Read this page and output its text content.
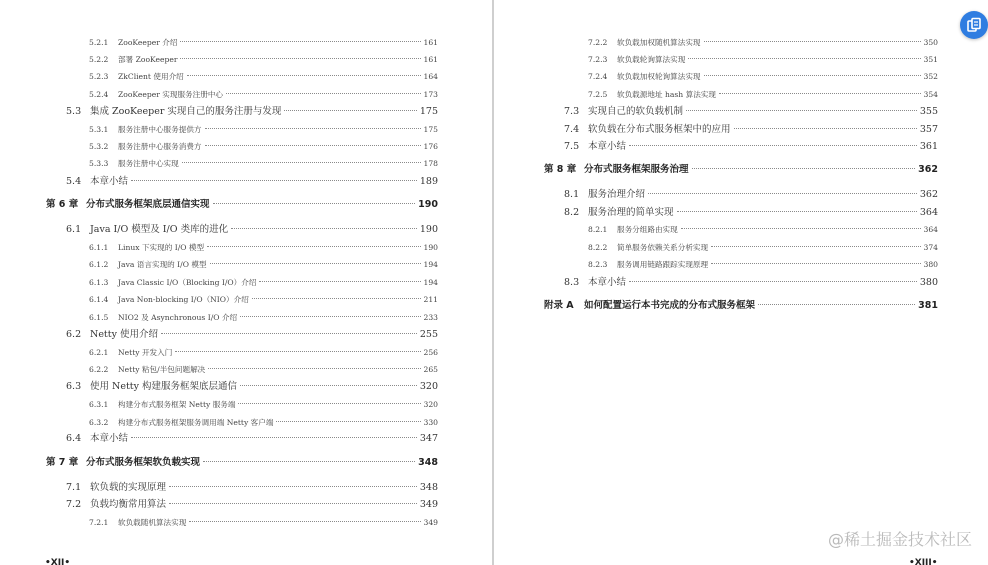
5.2.1	ZooKeeper 介绍	161
5.2.2	部署 ZooKeeper	161
5.2.3	ZkClient 使用介绍	164
5.2.4	ZooKeeper 实现服务注册中心	173
5.3 集成 ZooKeeper 实现自己的服务注册与发现	175
5.3.1	服务注册中心服务提供方	175
5.3.2	服务注册中心服务消费方	176
5.3.3	服务注册中心实现	178
5.4 本章小结	189
第 6 章 分布式服务框架底层通信实现	190
6.1 Java I/O 模型及 I/O 类库的进化	190
6.1.1	Linux 下实现的 I/O 模型	190
6.1.2	Java 语言实现的 I/O 模型	194
6.1.3	Java Classic I/O（Blocking I/O）介绍	194
6.1.4	Java Non-blocking I/O（NIO）介绍	211
6.1.5	NIO2 及 Asynchronous I/O 介绍	233
6.2 Netty 使用介绍	255
6.2.1	Netty 开发入门	256
6.2.2	Netty 粘包/半包问题解决	265
6.3 使用 Netty 构建服务框架底层通信	320
6.3.1	构建分布式服务框架 Netty 服务端	320
6.3.2	构建分布式服务框架服务调用端 Netty 客户端	330
6.4 本章小结	347
第 7 章 分布式服务框架软负载实现	348
7.1 软负载的实现原理	348
7.2 负载均衡常用算法	349
7.2.1	软负载随机算法实现	349
•XII•
7.2.2	软负载加权随机算法实现	350
7.2.3	软负载轮询算法实现	351
7.2.4	软负载加权轮询算法实现	352
7.2.5	软负载源地址 hash 算法实现	354
7.3 实现自己的软负载机制	355
7.4 软负载在分布式服务框架中的应用	357
7.5 本章小结	361
第 8 章 分布式服务框架服务治理	362
8.1 服务治理介绍	362
8.2 服务治理的简单实现	364
8.2.1	服务分组路由实现	364
8.2.2	简单服务依赖关系分析实现	374
8.2.3	服务调用链路跟踪实现原理	380
8.3 本章小结	380
附录 A	如何配置运行本书完成的分布式服务框架	381
•XIII•
@稀土掘金技术社区
